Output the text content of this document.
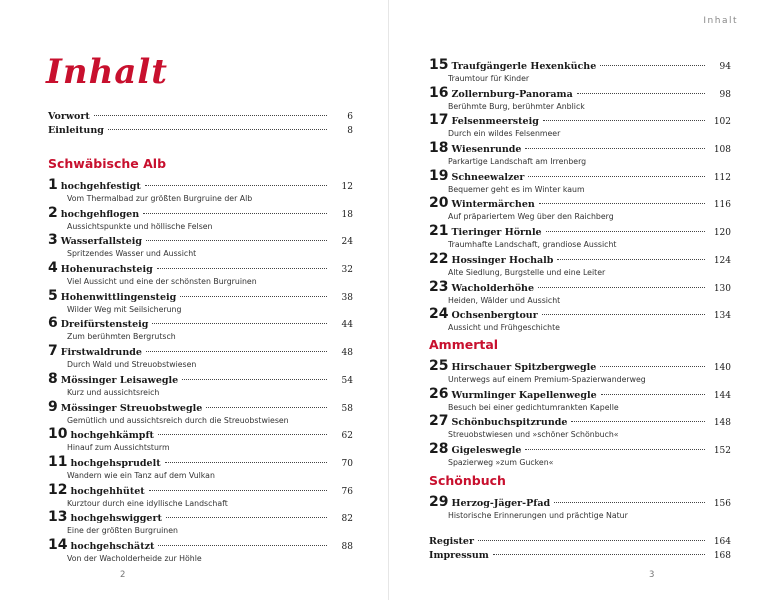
Inhalt
Vorwort	6
Einleitung	8
Schwäbische Alb
1 hochgehfestigt	12
Vom Thermalbad zur größten Burgruine der Alb
2 hochgehflogen	18
Aussichtspunkte und höllische Felsen
3 Wasserfallsteig	24
Spritzendes Wasser und Aussicht
4 Hohenurachsteig	32
Viel Aussicht und eine der schönsten Burgruinen
5 Hohenwittlingensteig	38
Wilder Weg mit Seilsicherung
6 Dreifürstensteig	44
Zum berühmten Bergrutsch
7 Firstwaldrunde	48
Durch Wald und Streuobstwiesen
8 Mössinger Leisawegle	54
Kurz und aussichtsreich
9 Mössinger Streuobstwegle	58
Gemütlich und aussichtsreich durch die Streuobstwiesen
10 hochgehkämpft	62
Hinauf zum Aussichtsturm
11 hochgehsprudelt	70
Wandern wie ein Tanz auf dem Vulkan
12 hochgehhütet	76
Kurztour durch eine idyllische Landschaft
13 hochgehswiggert	82
Eine der größten Burgruinen
14 hochgehschätzt	88
Von der Wacholderheide zur Höhle
2
Inhalt
15 Traufgängerle Hexenküche	94
Traumtour für Kinder
16 Zollernburg-Panorama	98
Berühmte Burg, berühmter Anblick
17 Felsenmeersteig	102
Durch ein wildes Felsenmeer
18 Wiesenrunde	108
Parkartige Landschaft am Irrenberg
19 Schneewalzer	112
Bequemer geht es im Winter kaum
20 Wintermärchen	116
Auf präpariertem Weg über den Raichberg
21 Tieringer Hörnle	120
Traumhafte Landschaft, grandiose Aussicht
22 Hossinger Hochalb	124
Alte Siedlung, Burgstelle und eine Leiter
23 Wacholderhöhe	130
Heiden, Wälder und Aussicht
24 Ochsenbergtour	134
Aussicht und Frühgeschichte
Ammertal
25 Hirschauer Spitzbergwegle	140
Unterwegs auf einem Premium-Spazierwanderweg
26 Wurmlinger Kapellenwegle	144
Besuch bei einer gedichtumrankten Kapelle
27 Schönbuchspitzrunde	148
Streuobstwiesen und »schöner Schönbuch«
28 Gigeleswegle	152
Spazierweg »zum Gucken«
Schönbuch
29 Herzog-Jäger-Pfad	156
Historische Erinnerungen und prächtige Natur
Register	164
Impressum	168
3
